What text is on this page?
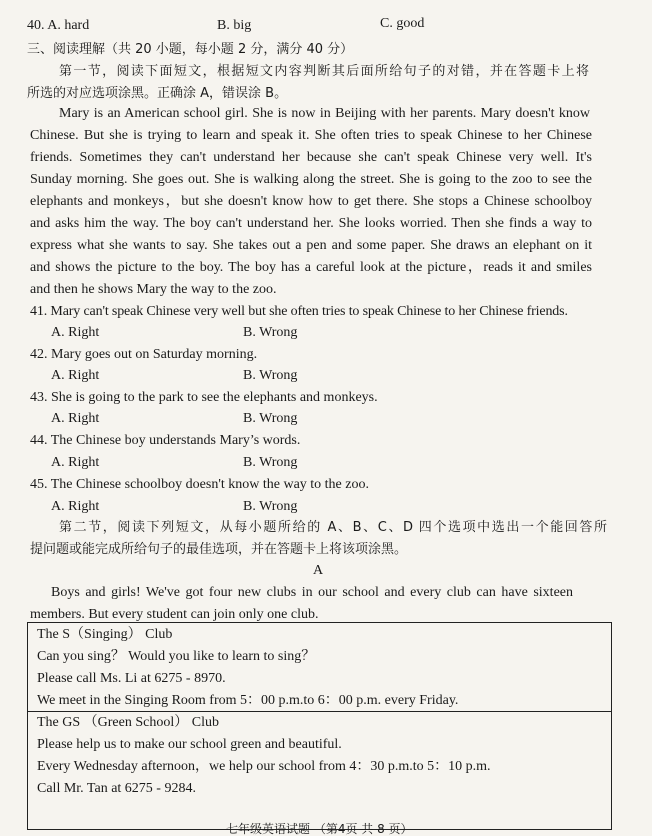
40. A. hard	B. big	C. good
三、阅读理解（共 20 小题，每小题 2 分，满分 40 分）
第一节，阅读下面短文，根据短文内容判断其后面所给句子的对错，并在答题卡上将
所选的对应选项涂黑。正确涂 A，错误涂 B。
Mary is an American school girl. She is now in Beijing with her parents. Mary doesn't know
Chinese. But she is trying to learn and speak it. She often tries to speak Chinese to her Chinese
friends. Sometimes they can't understand her because she can't speak Chinese very well. It's
Sunday morning. She goes out. She is walking along the street. She is going to the zoo to see the
elephants and monkeys，but she doesn't know how to get there. She stops a Chinese schoolboy
and asks him the way. The boy can't understand her. She looks worried. Then she finds a way to
express what she wants to say. She takes out a pen and some paper. She draws an elephant on it
and shows the picture to the boy. The boy has a careful look at the picture，reads it and smiles
and then he shows Mary the way to the zoo.
41. Mary can't speak Chinese very well but she often tries to speak Chinese to her Chinese friends.
A. Right	B. Wrong
42. Mary goes out on Saturday morning.
A. Right	B. Wrong
43. She is going to the park to see the elephants and monkeys.
A. Right	B. Wrong
44. The Chinese boy understands Mary’s words.
A. Right	B. Wrong
45. The Chinese schoolboy doesn't know the way to the zoo.
A. Right	B. Wrong
第二节，阅读下列短文，从每小题所给的 A、B、C、D 四个选项中选出一个能回答所
提问题或能完成所给句子的最佳选项，并在答题卡上将该项涂黑。
A
Boys and girls! We've got four new clubs in our school and every club can have sixteen
members. But every student can join only one club.
The S（Singing） Club
Can you sing？ Would you like to learn to sing？
Please call Ms. Li at 6275 - 8970.
We meet in the Singing Room from 5：00 p.m.to 6：00 p.m. every Friday.
The GS （Green School） Club
Please help us to make our school green and beautiful.
Every Wednesday afternoon，we help our school from 4：30 p.m.to 5：10 p.m.
Call Mr. Tan at 6275 - 9284.
七年级英语试题 （第4页 共 8 页）
